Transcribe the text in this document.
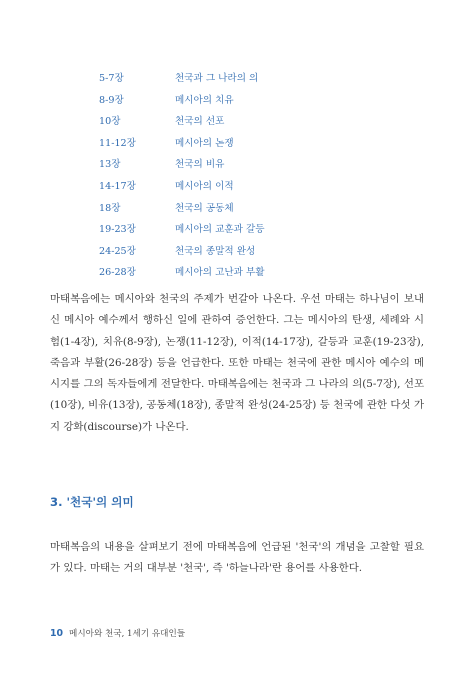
5-7장	천국과 그 나라의 의
8-9장	메시아의 치유
10장	천국의 선포
11-12장	메시아의 논쟁
13장	천국의 비유
14-17장	메시아의 이적
18장	천국의 공동체
19-23장	메시아의 교훈과 갈등
24-25장	천국의 종말적 완성
26-28장	메시아의 고난과 부활

마태복음에는 메시아와 천국의 주제가 번갈아 나온다. 우선 마태는 하나님이 보내신 메시아 예수께서 행하신 일에 관하여 증언한다. 그는 메시아의 탄생, 세례와 시험(1-4장), 치유(8-9장), 논쟁(11-12장), 이적(14-17장), 갈등과 교훈(19-23장), 죽음과 부활(26-28장) 등을 언급한다. 또한 마태는 천국에 관한 메시아 예수의 메시지를 그의 독자들에게 전달한다. 마태복음에는 천국과 그 나라의 의(5-7장), 선포(10장), 비유(13장), 공동체(18장), 종말적 완성(24-25장) 등 천국에 관한 다섯 가지 강화(discourse)가 나온다.

3. '천국'의 의미

마태복음의 내용을 살펴보기 전에 마태복음에 언급된 '천국'의 개념을 고찰할 필요가 있다. 마태는 거의 대부분 '천국', 즉 '하늘나라'란 용어를 사용한다.

10 메시아와 천국, 1세기 유대인들
